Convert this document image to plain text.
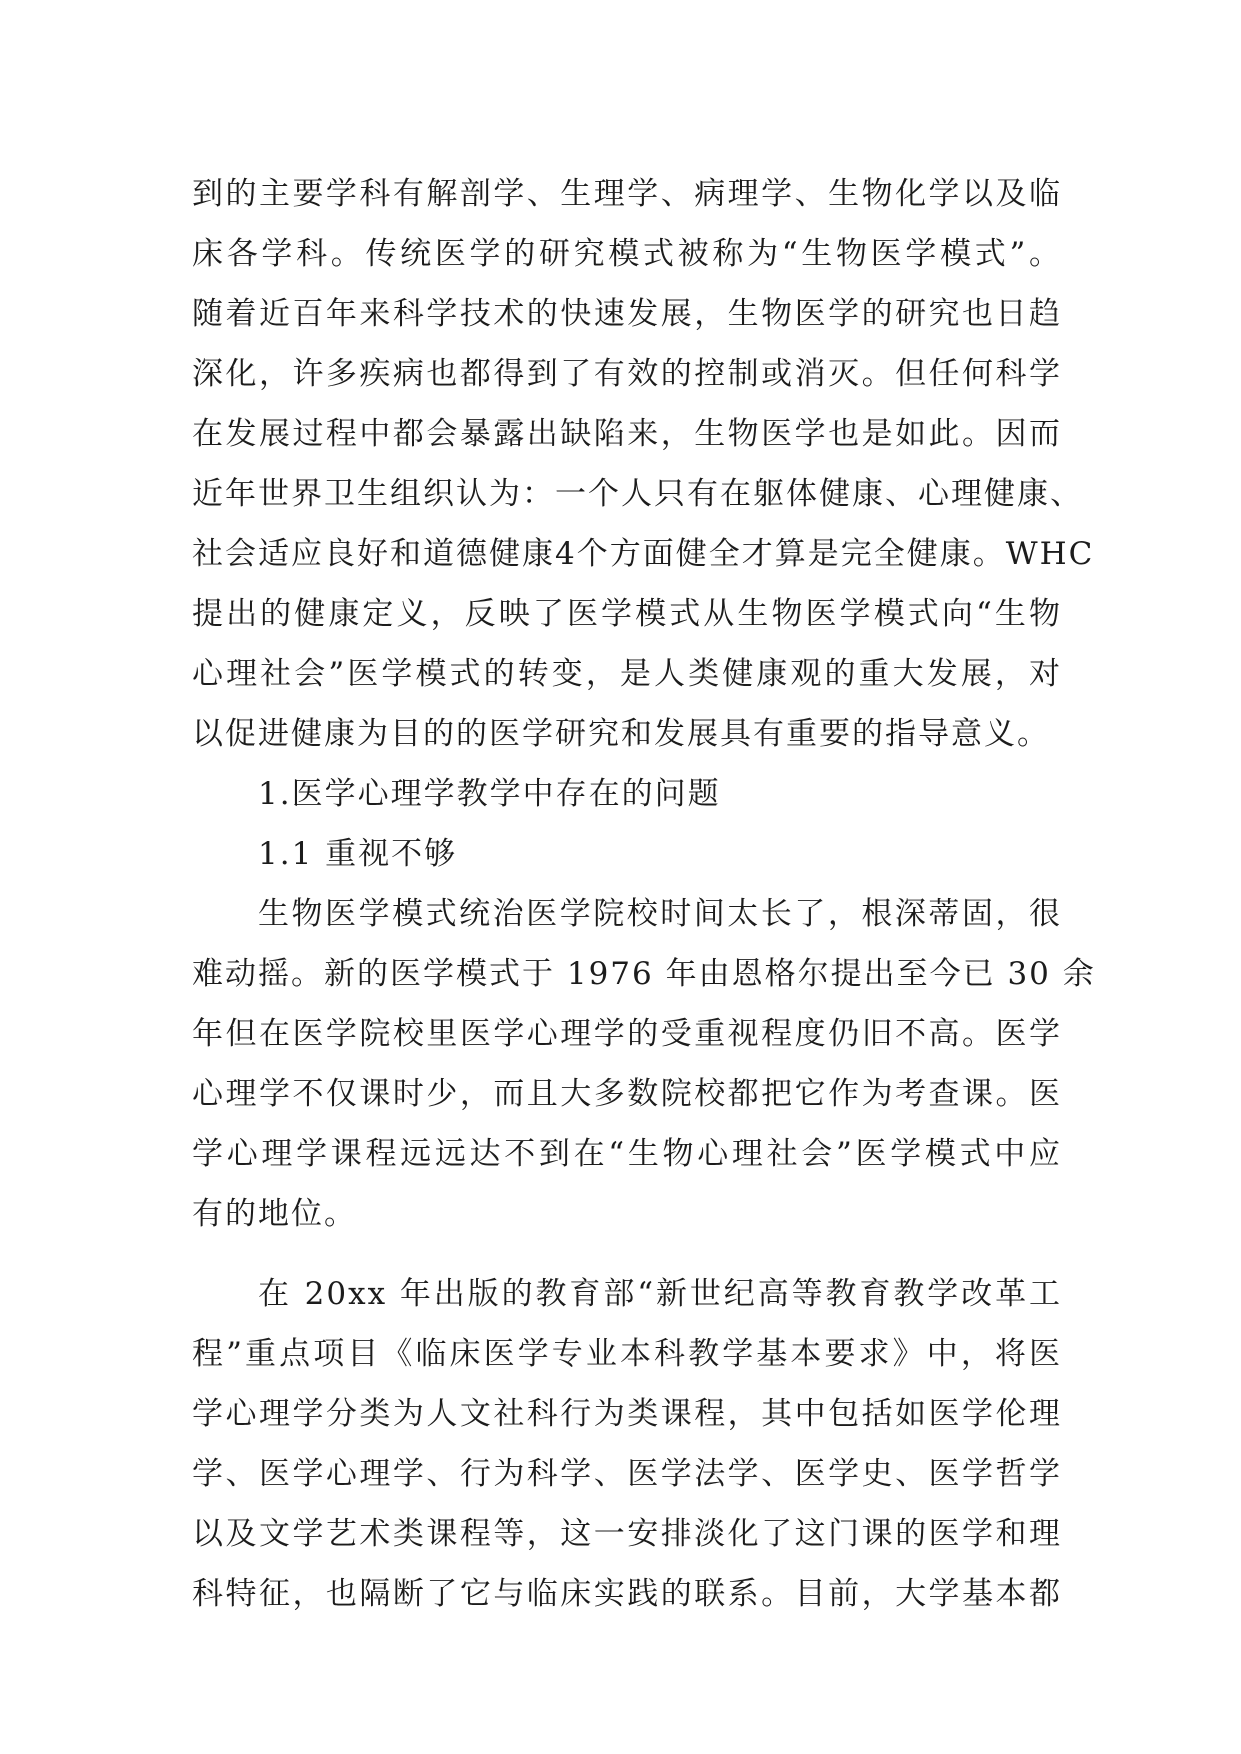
到的主要学科有解剖学、生理学、病理学、生物化学以及临
床各学科。传统医学的研究模式被称为“生物医学模式”。
随着近百年来科学技术的快速发展，生物医学的研究也日趋
深化，许多疾病也都得到了有效的控制或消灭。但任何科学
在发展过程中都会暴露出缺陷来，生物医学也是如此。因而
近年世界卫生组织认为：一个人只有在躯体健康、心理健康、
社会适应良好和道德健康4个方面健全才算是完全健康。WHC
提出的健康定义，反映了医学模式从生物医学模式向“生物
心理社会”医学模式的转变，是人类健康观的重大发展，对
以促进健康为目的的医学研究和发展具有重要的指导意义。
1.医学心理学教学中存在的问题
1.1 重视不够
生物医学模式统治医学院校时间太长了，根深蒂固，很
难动摇。新的医学模式于 1976 年由恩格尔提出至今已 30 余
年但在医学院校里医学心理学的受重视程度仍旧不高。医学
心理学不仅课时少，而且大多数院校都把它作为考查课。医
学心理学课程远远达不到在“生物心理社会”医学模式中应
有的地位。
在 20xx 年出版的教育部“新世纪高等教育教学改革工
程”重点项目《临床医学专业本科教学基本要求》中，将医
学心理学分类为人文社科行为类课程，其中包括如医学伦理
学、医学心理学、行为科学、医学法学、医学史、医学哲学
以及文学艺术类课程等，这一安排淡化了这门课的医学和理
科特征，也隔断了它与临床实践的联系。目前，大学基本都
